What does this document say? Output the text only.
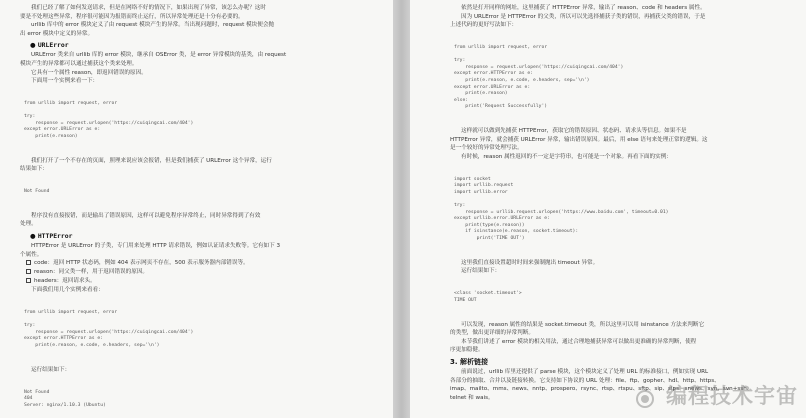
我们已经了解了如何发送请求，但是在网络不好的情况下，如果出现了异常，该怎么办呢？这时
要是不处理这些异常，程序很可能因为报错而终止运行，所以异常处理还是十分有必要的。
urllib 库中的 error 模块定义了由 request 模块产生的异常。当出现问题时，request 模块便会抛
出 error 模块中定义的异常。
● URLError
URLError 类来自 urllib 库的 error 模块，继承自 OSError 类，是 error 异常模块的基类，由 request
模块产生的异常都可以通过捕获这个类来处理。
它具有一个属性 reason，即返回错误的原因。
下面用一个实例来看一下：

from urllib import request, error
try:
response = request.urlopen('https://cuiqingcai.com/404')
except error.URLError as e:
print(e.reason)

我们打开了一个不存在的页面，照理来说应该会报错，但是我们捕获了 URLError 这个异常，运行
结果如下：

Not Found

程序没有直接报错，而是输出了错误原因，这样可以避免程序异常终止，同时异常得到了有效
处理。
● HTTPError
HTTPError 是 URLError 的子类，专门用来处理 HTTP 请求错误，例如认证请求失败等。它有如下 3
个属性。
code：返回 HTTP 状态码，例如 404 表示网页不存在，500 表示服务器内部错误等。
reason：同父类一样，用于返回错误的原因。
headers：返回请求头。
下面我们用几个实例来看看：

from urllib import request, error
try:
response = request.urlopen('https://cuiqingcai.com/404')
except error.HTTPError as e:
print(e.reason, e.code, e.headers, sep='\n')

运行结果如下：

Not Found
404
Server: nginx/1.10.3 (Ubuntu)

依然是打开同样的网址，这里捕获了 HTTPError 异常，输出了 reason、code 和 headers 属性。
因为 URLError 是 HTTPError 的父类，所以可以先选择捕获子类的错误，再捕获父类的错误，于是
上述代码的更好写法如下：

from urllib import request, error
try:
response = request.urlopen('https://cuiqingcai.com/404')
except error.HTTPError as e:
print(e.reason, e.code, e.headers, sep='\n')
except error.URLError as e:
print(e.reason)
else:
print('Request Successfully')

这样就可以做到先捕获 HTTPError，获取它的错误原因、状态码、请求头等信息。如果不是
HTTPError 异常，就会捕获 URLError 异常，输出错误原因。最后，用 else 语句来处理正常的逻辑。这
是一个较好的异常处理写法。
有时候，reason 属性返回的不一定是字符串，也可能是一个对象。再看下面的实例：

import socket
import urllib.request
import urllib.error
try:
response = urllib.request.urlopen('https://www.baidu.com', timeout=0.01)
except urllib.error.URLError as e:
print(type(e.reason))
if isinstance(e.reason, socket.timeout):
print('TIME OUT')

这里我们直接设置超时时间来强制抛出 timeout 异常。
运行结果如下：

<class 'socket.timeout'>
TIME OUT

可以发现，reason 属性的结果是 socket.timeout 类，所以这里可以用 isinstance 方法来判断它
的类型，做出更详细的异常判断。
本节我们讲述了 error 模块的相关用法，通过合理地捕获异常可以做出更准确的异常判断，使程
序更加稳健。
3. 解析链接
前面说过，urllib 库里还提供了 parse 模块，这个模块定义了处理 URL 的标准接口，例如实现 URL
各部分的抽取、合并以及链接转换。它支持如下协议的 URL 处理：file、ftp、gopher、hdl、http、https、
imap、mailto、mms、news、nntp、prospero、rsync、rtsp、rtspu、sftp、sip、sips、snews、svn、svn+ssh、
telnet 和 wais。	编程技术宇宙
